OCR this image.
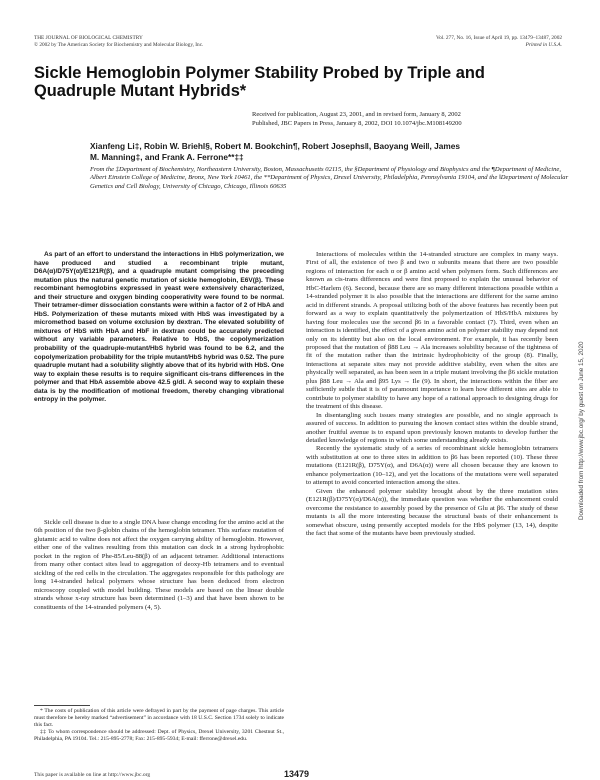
THE JOURNAL OF BIOLOGICAL CHEMISTRY
© 2002 by The American Society for Biochemistry and Molecular Biology, Inc.
Vol. 277, No. 16, Issue of April 19, pp. 13479–13487, 2002
Printed in U.S.A.
Sickle Hemoglobin Polymer Stability Probed by Triple and Quadruple Mutant Hybrids*
Received for publication, August 23, 2001, and in revised form, January 8, 2002
Published, JBC Papers in Press, January 8, 2002, DOI 10.1074/jbc.M108149200
Xianfeng Li‡, Robin W. Briehl§, Robert M. Bookchin¶, Robert Josephs‖, Baoyang Wei‖, James M. Manning‡, and Frank A. Ferrone**‡‡
From the ‡Department of Biochemistry, Northeastern University, Boston, Massachusetts 02115, the §Department of Physiology and Biophysics and the ¶Department of Medicine, Albert Einstein College of Medicine, Bronx, New York 10461, the **Department of Physics, Drexel University, Philadelphia, Pennsylvania 19104, and the ‖Department of Molecular Genetics and Cell Biology, University of Chicago, Chicago, Illinois 60635

As part of an effort to understand the interactions in HbS polymerization, we have produced and studied a recombinant triple mutant, D6A(α)/D75Y(α)/E121R(β), and a quadruple mutant comprising the preceding mutation plus the natural genetic mutation of sickle hemoglobin, E6V(β). These recombinant hemoglobins expressed in yeast were extensively characterized, and their structure and oxygen binding cooperativity were found to be normal. Their tetramer-dimer dissociation constants were within a factor of 2 of HbA and HbS. Polymerization of these mutants mixed with HbS was investigated by a micromethod based on volume exclusion by dextran. The elevated solubility of mixtures of HbS with HbA and HbF in dextran could be accurately predicted without any variable parameters. Relative to HbS, the copolymerization probability of the quadruple-mutant/HbS hybrid was found to be 6.2, and the copolymerization probability for the triple mutant/HbS hybrid was 0.52. The pure quadruple mutant had a solubility slightly above that of its hybrid with HbS. One way to explain these results is to require significant cis-trans differences in the polymer and that HbA assemble above 42.5 g/dl. A second way to explain these data is by the modification of motional freedom, thereby changing vibrational entropy in the polymer.

Sickle cell disease is due to a single DNA base change encoding for the amino acid at the 6th position of the two β-globin chains of the hemoglobin tetramer. This surface mutation of glutamic acid to valine does not affect the oxygen carrying ability of hemoglobin. However, either one of the valines resulting from this mutation can dock in a strong hydrophobic pocket in the region of Phe-85/Leu-88(β) of an adjacent tetramer. Additional interactions from many other contact sites lead to aggregation of deoxy-Hb tetramers and to eventual sickling of the red cells in the circulation. The aggregates responsible for this pathology are long 14-stranded helical polymers whose structure has been deduced from electron microscopy coupled with model building. These models are based on the linear double strands whose x-ray structure has been determined (1–3) and that have been shown to be constituents of the 14-stranded polymers (4, 5).

* The costs of publication of this article were defrayed in part by the payment of page charges. This article must therefore be hereby marked “advertisement” in accordance with 18 U.S.C. Section 1734 solely to indicate this fact.

‡‡ To whom correspondence should be addressed: Dept. of Physics, Drexel University, 3201 Chestnut St., Philadelphia, PA 19104. Tel.: 215-895-2778; Fax: 215-895-5934; E-mail: fferrone@drexel.edu.

Interactions of molecules within the 14-stranded structure are complex in many ways. First of all, the existence of two β and two α subunits means that there are two possible regions of interaction for each α or β amino acid when polymers form. Such differences are known as cis-trans differences and were first proposed to explain the unusual behavior of HbC-Harlem (6). Second, because there are so many different interactions possible within a 14-stranded polymer it is also possible that the interactions are different for the same amino acid in different strands. A proposal utilizing both of the above features has recently been put forward as a way to explain quantitatively the polymerization of HbS/HbA mixtures by having four molecules use the second β6 in a favorable contact (7). Third, even when an interaction is identified, the effect of a given amino acid on polymer stability may depend not only on its identity but also on the local environment. For example, it has recently been proposed that the mutation of β88 Leu → Ala increases solubility because of the tightness of fit of the mutation rather than the intrinsic hydrophobicity of the group (8). Finally, interactions at separate sites may not provide additive stability, even when the sites are physically well separated, as has been seen in a triple mutant involving the β6 sickle mutation plus β88 Leu → Ala and β95 Lys → Ile (9). In short, the interactions within the fiber are sufficiently subtle that it is of paramount importance to learn how different sites are able to contribute to polymer stability to have any hope of a rational approach to designing drugs for the treatment of this disease.

In disentangling such issues many strategies are possible, and no single approach is assured of success. In addition to pursuing the known contact sites within the double strand, another fruitful avenue is to expand upon previously known mutants to develop further the detailed knowledge of regions in which some understanding already exists.

Recently the systematic study of a series of recombinant sickle hemoglobin tetramers with substitution at one to three sites in addition to β6 has been reported (10). These three mutations (E121R(β), D75Y(α), and D6A(α)) were all chosen because they are known to enhance polymerization (10–12), and yet the locations of the mutations were well separated to attempt to avoid concerted interaction among the sites.

Given the enhanced polymer stability brought about by the three mutation sites (E121R(β)/D75Y(α)/D6A(α)), the immediate question was whether the enhancement could overcome the resistance to assembly posed by the presence of Glu at β6. The study of these mutants is all the more interesting because the structural basis of their enhancement is somewhat obscure, using presently accepted models for the HbS polymer (13, 14), despite the fact that some of the mutants have been previously studied.

Downloaded from http://www.jbc.org/ by guest on June 15, 2020
This paper is available on line at http://www.jbc.org	13479
